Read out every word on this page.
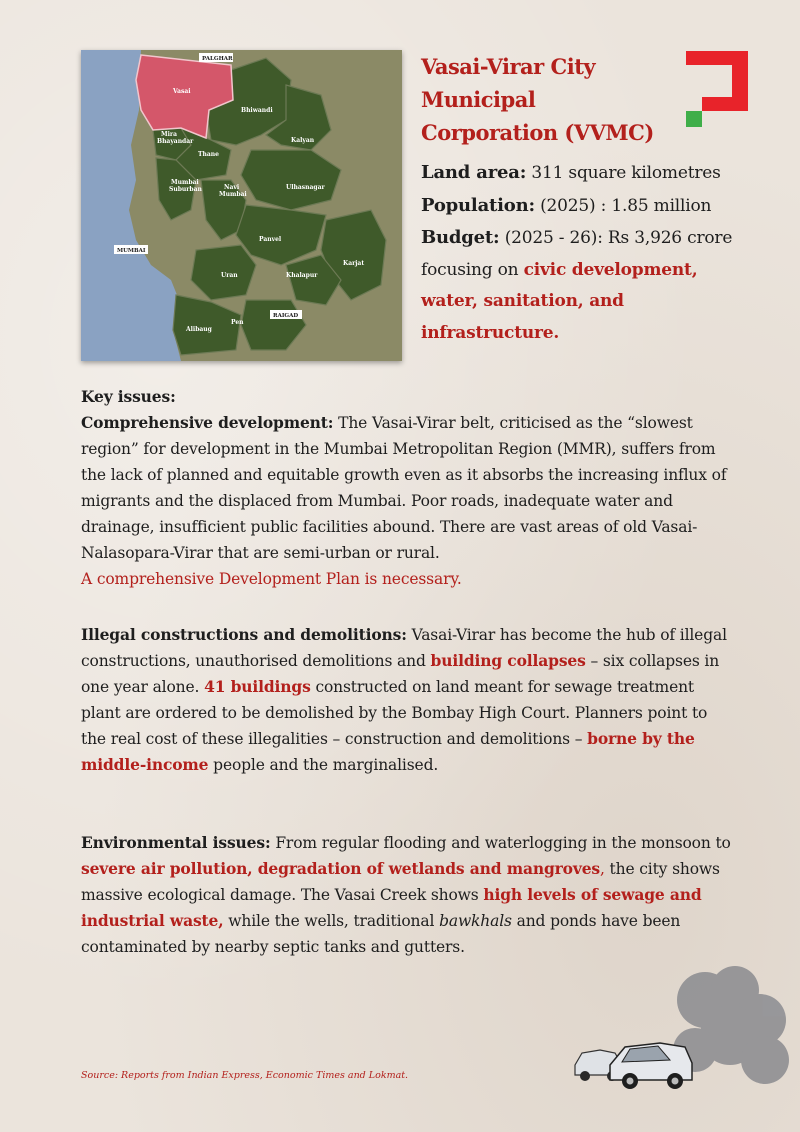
Vasai
Bhiwandi
Kalyan
Mira
Bhayandar
Thane
Mumbai
Suburban	Navi
Mumbai
Ulhasnagar
Panvel
Uran
Karjat
Khalapur
Alibaug
Pen
PALGHAR
MUMBAI
RAIGAD
Vasai-Virar City
Municipal
Corporation (VVMC)
Land area: 311 square kilometres
Population: (2025) : 1.85 million
Budget: (2025 - 26): Rs 3,926 crore
focusing on civic development,
water, sanitation, and
infrastructure.
Key issues:
Comprehensive development: The Vasai-Virar belt, criticised as the “slowest region” for development in the Mumbai Metropolitan Region (MMR), suffers from the lack of planned and equitable growth even as it absorbs the increasing influx of migrants and the displaced from Mumbai. Poor roads, inadequate water and drainage, insufficient public facilities abound. There are vast areas of old Vasai-Nalasopara-Virar that are semi-urban or rural.
A comprehensive Development Plan is necessary.
Illegal constructions and demolitions: Vasai-Virar has become the hub of illegal constructions, unauthorised demolitions and building collapses – six collapses in one year alone. 41 buildings constructed on land meant for sewage treatment plant are ordered to be demolished by the Bombay High Court. Planners point to the real cost of these illegalities – construction and demolitions – borne by the middle-income people and the marginalised.
Environmental issues: From regular flooding and waterlogging in the monsoon to severe air pollution, degradation of wetlands and mangroves, the city shows massive ecological damage. The Vasai Creek shows high levels of sewage and industrial waste, while the wells, traditional bawkhals and ponds have been contaminated by nearby septic tanks and gutters.
Source: Reports from Indian Express, Economic Times and Lokmat.
